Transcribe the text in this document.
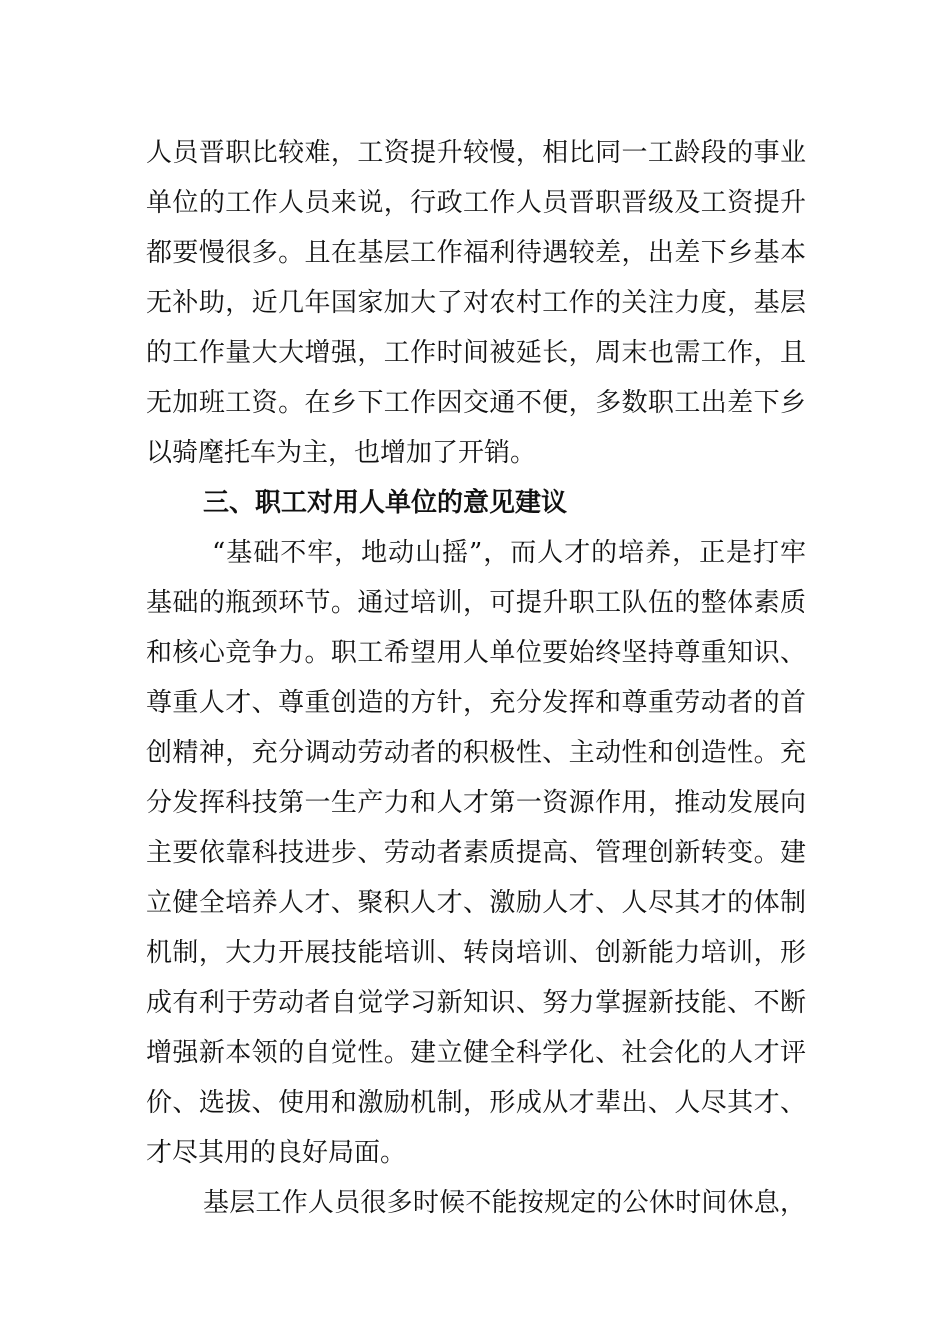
人员晋职比较难，工资提升较慢，相比同一工龄段的事业
单位的工作人员来说，行政工作人员晋职晋级及工资提升
都要慢很多。且在基层工作福利待遇较差，出差下乡基本
无补助，近几年国家加大了对农村工作的关注力度，基层
的工作量大大增强，工作时间被延长，周末也需工作，且
无加班工资。在乡下工作因交通不便，多数职工出差下乡
以骑麾托车为主，也增加了开销。
三、职工对用人单位的意见建议
“基础不牢，地动山摇”，而人才的培养，正是打牢
基础的瓶颈环节。通过培训，可提升职工队伍的整体素质
和核心竞争力。职工希望用人单位要始终坚持尊重知识、
尊重人才、尊重创造的方针，充分发挥和尊重劳动者的首
创精神，充分调动劳动者的积极性、主动性和创造性。充
分发挥科技第一生产力和人才第一资源作用，推动发展向
主要依靠科技进步、劳动者素质提高、管理创新转变。建
立健全培养人才、聚积人才、激励人才、人尽其才的体制
机制，大力开展技能培训、转岗培训、创新能力培训，形
成有利于劳动者自觉学习新知识、努力掌握新技能、不断
增强新本领的自觉性。建立健全科学化、社会化的人才评
价、选拔、使用和激励机制，形成从才辈出、人尽其才、
才尽其用的良好局面。
基层工作人员很多时候不能按规定的公休时间休息，
